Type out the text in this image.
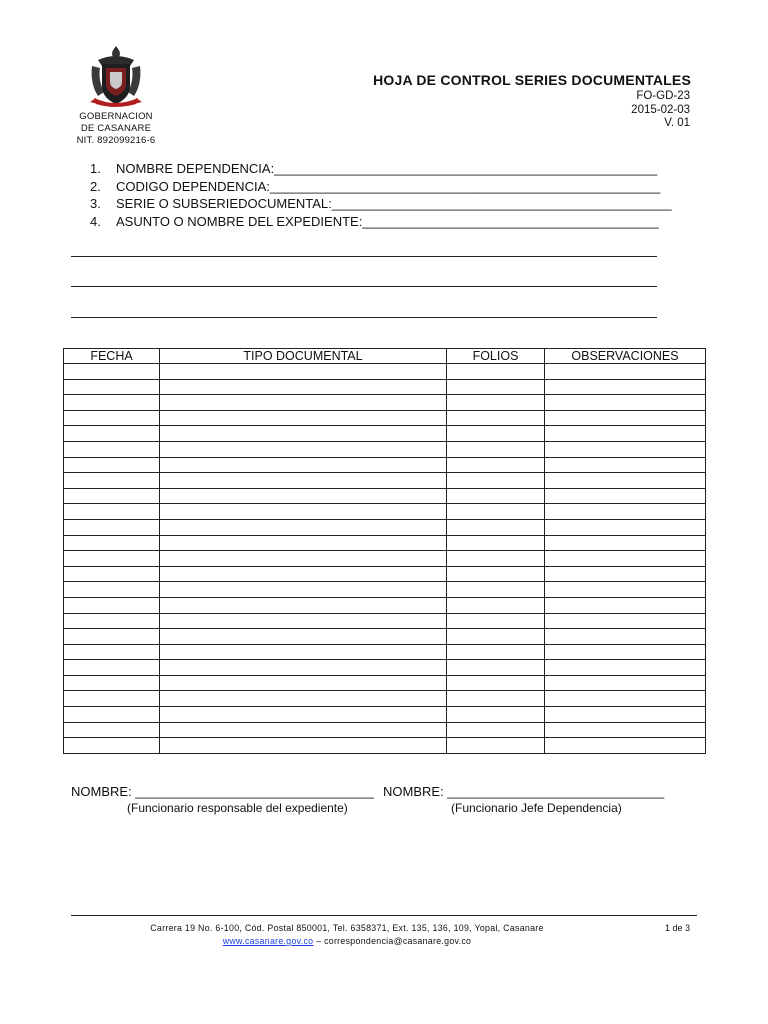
GOBERNACION
DE CASANARE
NIT. 892099216-6
HOJA DE CONTROL SERIES DOCUMENTALES
FO-GD-23
2015-02-03
V. 01
1. NOMBRE DEPENDENCIA:_____________________________________________________
2. CODIGO DEPENDENCIA:______________________________________________________
3. SERIE O SUBSERIEDOCUMENTAL:_______________________________________________
4. ASUNTO O NOMBRE DEL EXPEDIENTE:_________________________________________
FECHA	TIPO DOCUMENTAL	FOLIOS	OBSERVACIONES

NOMBRE: _________________________________
(Funcionario responsable del expediente)
NOMBRE: ______________________________
(Funcionario Jefe Dependencia)
Carrera 19 No. 6-100, Cód. Postal 850001, Tel. 6358371, Ext. 135, 136, 109, Yopal, Casanare	1 de 3
www.casanare.gov.co – correspondencia@casanare.gov.co
